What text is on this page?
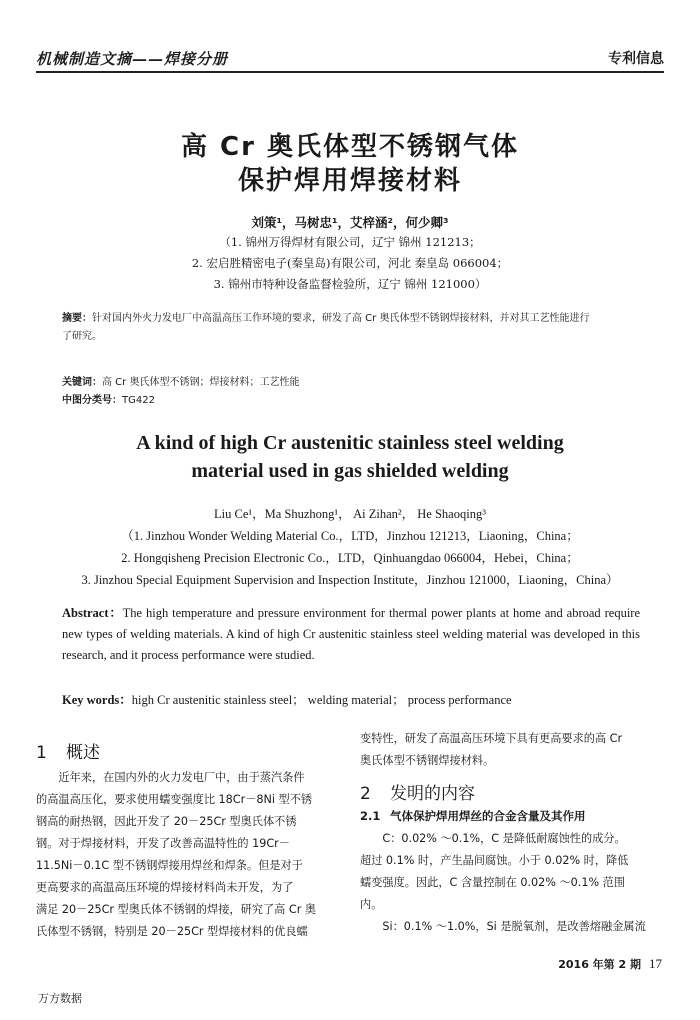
机械制造文摘——焊接分册	专利信息
高 Cr 奥氏体型不锈钢气体
保护焊用焊接材料
刘策¹，马树忠¹，艾梓涵²，何少卿³
（1. 锦州万得焊材有限公司，辽宁 锦州 121213；
2. 宏启胜精密电子(秦皇岛)有限公司，河北 秦皇岛 066004；
3. 锦州市特种设备监督检验所，辽宁 锦州 121000）
摘要：针对国内外火力发电厂中高温高压工作环境的要求，研发了高 Cr 奥氏体型不锈钢焊接材料，并对其工艺性能进行
了研究。
关键词：高 Cr 奥氏体型不锈钢；焊接材料；工艺性能
中图分类号：TG422
A kind of high Cr austenitic stainless steel welding
material used in gas shielded welding
Liu Ce¹，Ma Shuzhong¹， Ai Zihan²， He Shaoqing³
（1. Jinzhou Wonder Welding Material Co.，LTD，Jinzhou 121213，Liaoning，China；
2. Hongqisheng Precision Electronic Co.，LTD，Qinhuangdao 066004，Hebei，China；
3. Jinzhou Special Equipment Supervision and Inspection Institute，Jinzhou 121000，Liaoning，China）
Abstract：The high temperature and pressure environment for thermal power plants at home and abroad require new types of welding materials. A kind of high Cr austenitic stainless steel welding material was developed in this research, and it process performance were studied.
Key words：high Cr austenitic stainless steel； welding material； process performance
1 概述
近年来，在国内外的火力发电厂中，由于蒸汽条件
的高温高压化，要求使用蠕变强度比 18Cr－8Ni 型不锈
钢高的耐热钢，因此开发了 20－25Cr 型奥氏体不锈
钢。对于焊接材料，开发了改善高温特性的 19Cr－
11.5Ni－0.1C 型不锈钢焊接用焊丝和焊条。但是对于
更高要求的高温高压环境的焊接材料尚未开发，为了
满足 20－25Cr 型奥氏体不锈钢的焊接，研究了高 Cr 奥
氏体型不锈钢，特别是 20－25Cr 型焊接材料的优良蠕
变特性，研发了高温高压环境下具有更高要求的高 Cr
奥氏体型不锈钢焊接材料。
2 发明的内容
2.1 气体保护焊用焊丝的合金含量及其作用
C：0.02% ～0.1%，C 是降低耐腐蚀性的成分。
超过 0.1% 时，产生晶间腐蚀。小于 0.02% 时，降低
蠕变强度。因此，C 含量控制在 0.02% ～0.1% 范围
内。
Si：0.1% ～1.0%，Si 是脱氧剂，是改善熔融金属流
2016 年第 2 期 17
万方数据
